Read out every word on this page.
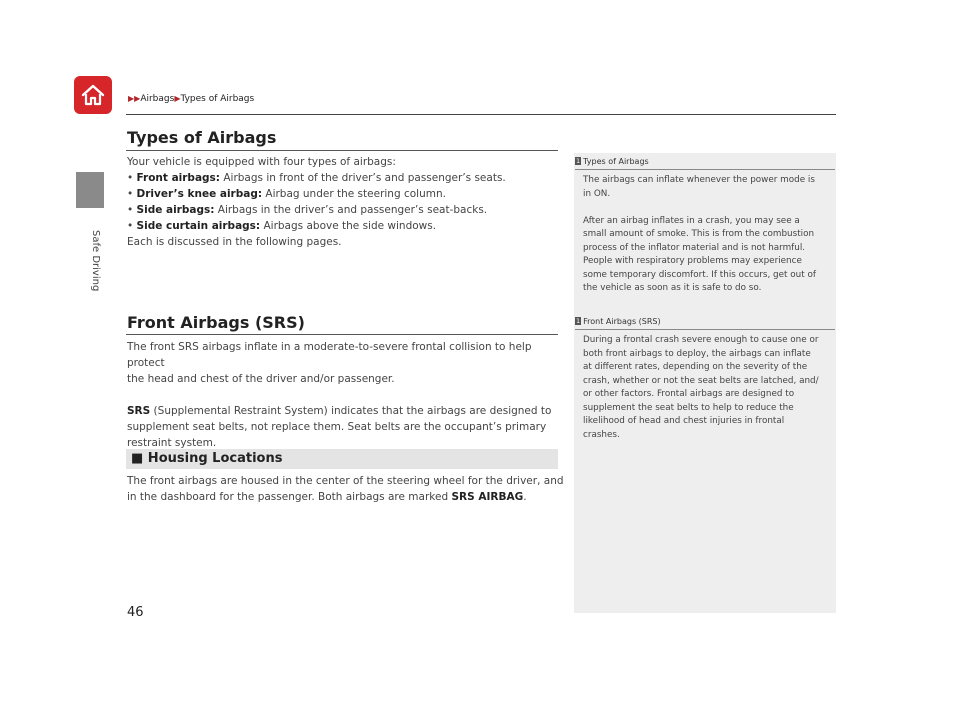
Safe Driving
▶▶Airbags▶Types of Airbags
Types of Airbags
Your vehicle is equipped with four types of airbags:
• Front airbags: Airbags in front of the driver’s and passenger’s seats.
• Driver’s knee airbag: Airbag under the steering column.
• Side airbags: Airbags in the driver’s and passenger’s seat-backs.
• Side curtain airbags: Airbags above the side windows.
Each is discussed in the following pages.
Front Airbags (SRS)
The front SRS airbags inflate in a moderate-to-severe frontal collision to help protect
the head and chest of the driver and/or passenger.
SRS (Supplemental Restraint System) indicates that the airbags are designed to
supplement seat belts, not replace them. Seat belts are the occupant’s primary
restraint system.
■ Housing Locations
The front airbags are housed in the center of the steering wheel for the driver, and
in the dashboard for the passenger. Both airbags are marked SRS AIRBAG.
1 Types of Airbags
The airbags can inflate whenever the power mode is
in ON.
After an airbag inflates in a crash, you may see a
small amount of smoke. This is from the combustion
process of the inflator material and is not harmful.
People with respiratory problems may experience
some temporary discomfort. If this occurs, get out of
the vehicle as soon as it is safe to do so.
1 Front Airbags (SRS)
During a frontal crash severe enough to cause one or
both front airbags to deploy, the airbags can inflate
at different rates, depending on the severity of the
crash, whether or not the seat belts are latched, and/
or other factors. Frontal airbags are designed to
supplement the seat belts to help to reduce the
likelihood of head and chest injuries in frontal
crashes.
46
